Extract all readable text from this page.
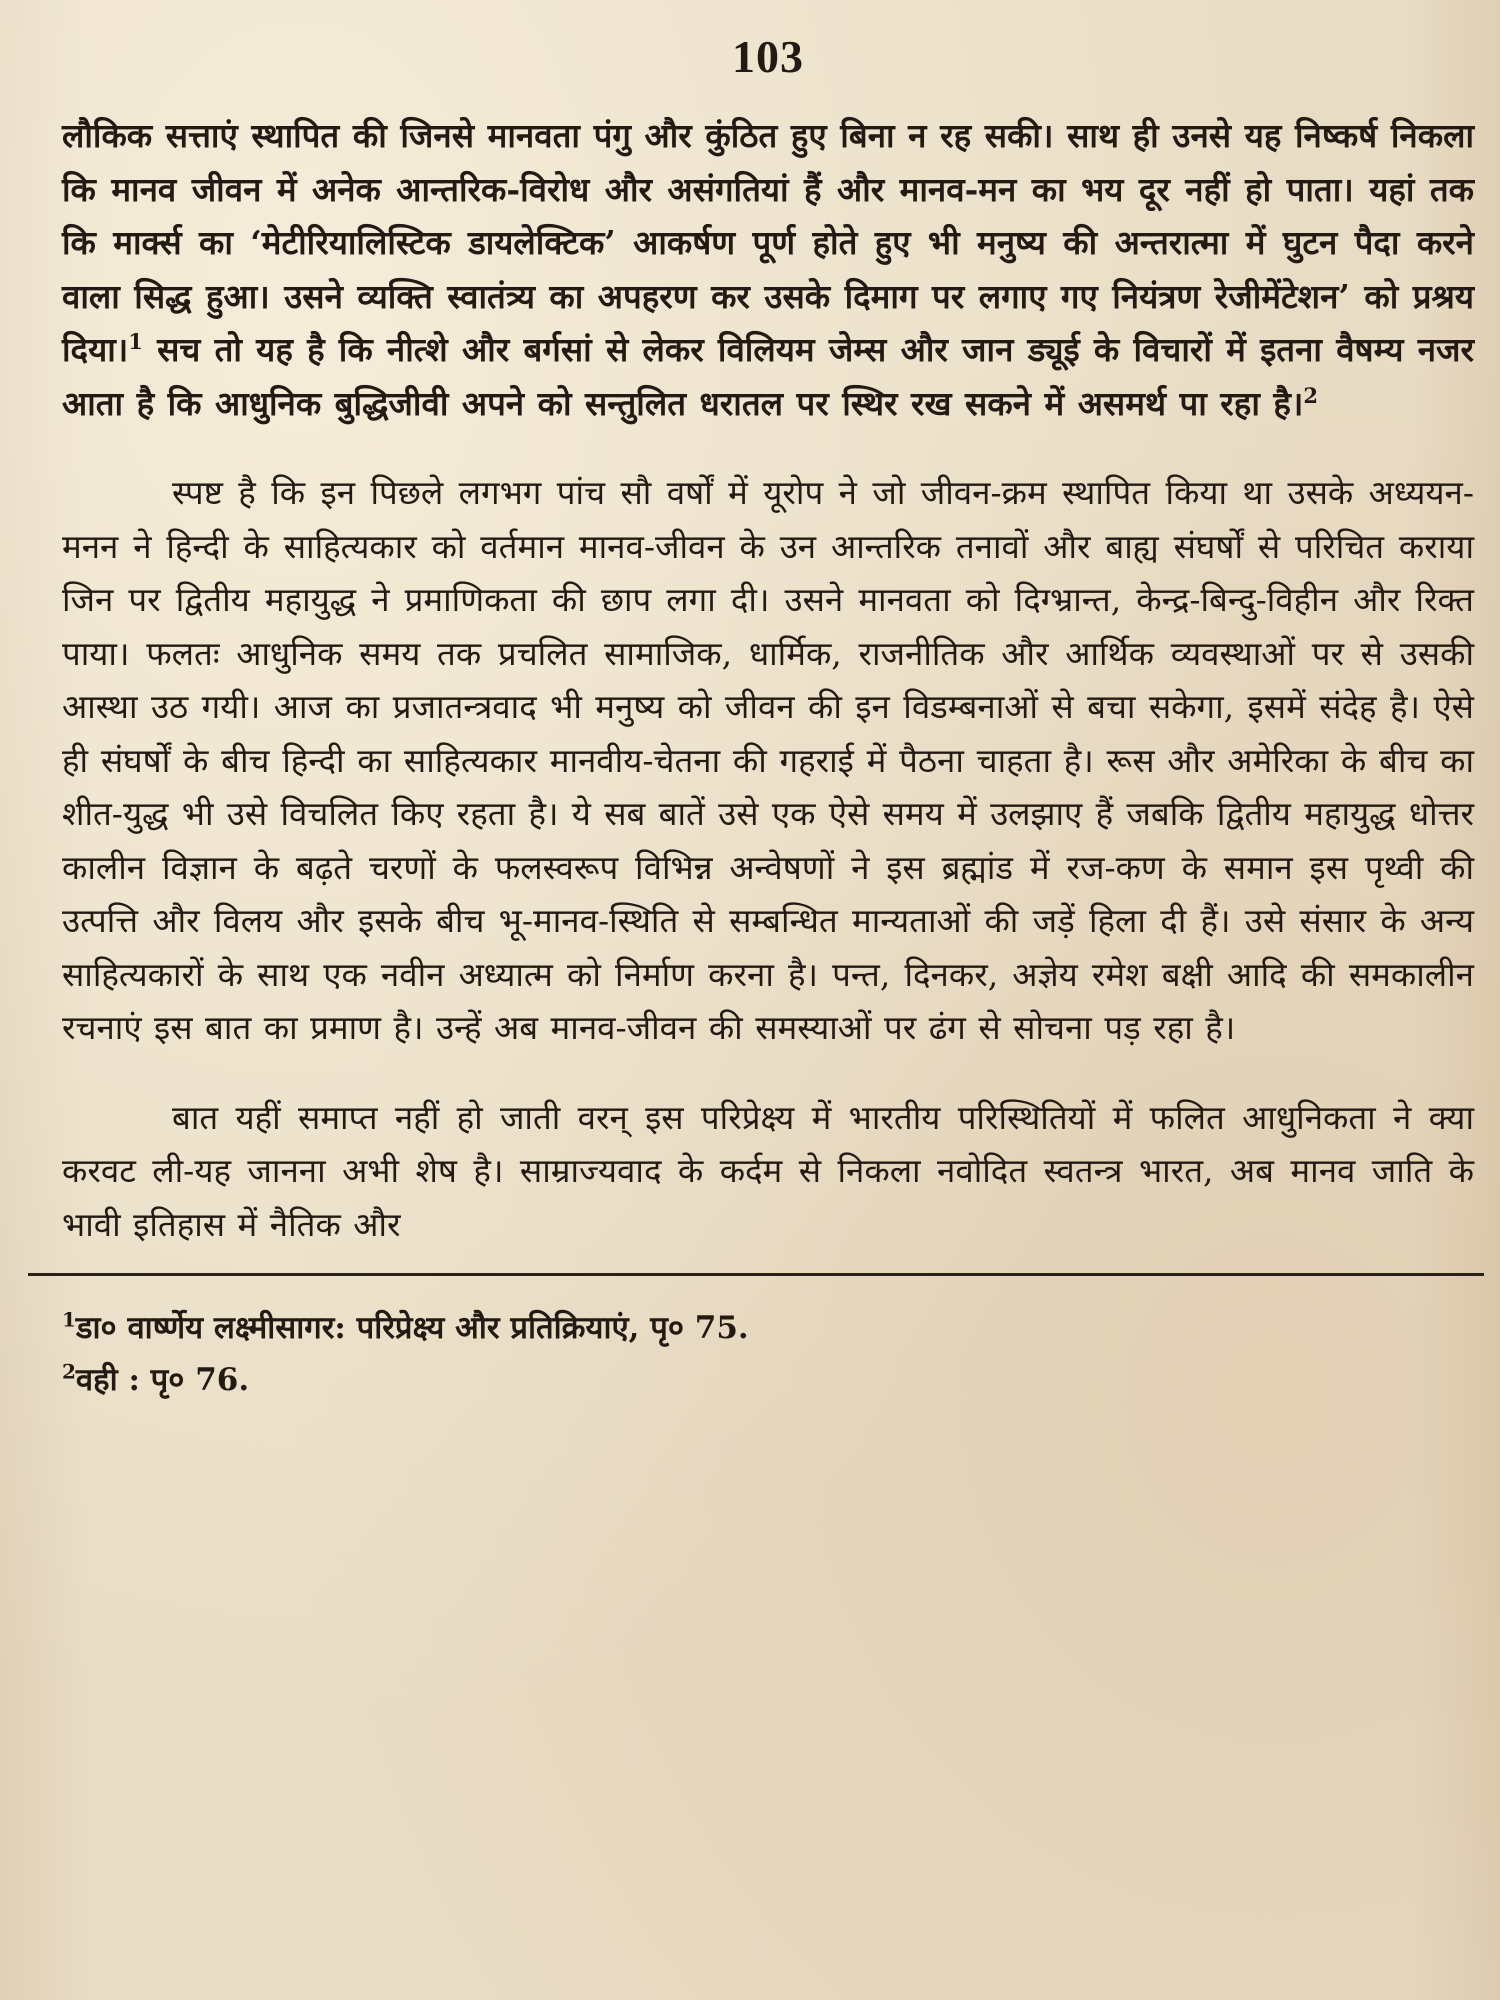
103

लौकिक सत्ताएं स्थापित की जिनसे मानवता पंगु और कुंठित हुए बिना न रह सकी। साथ ही उनसे यह निष्कर्ष निकला कि मानव जीवन में अनेक आन्तरिक-विरोध और असंगतियां हैं और मानव-मन का भय दूर नहीं हो पाता। यहां तक कि मार्क्स का ‘मेटीरियालिस्टिक डायलेक्टिक’ आकर्षण पूर्ण होते हुए भी मनुष्य की अन्तरात्मा में घुटन पैदा करने वाला सिद्ध हुआ। उसने व्यक्ति स्वातंत्र्य का अपहरण कर उसके दिमाग पर लगाए गए नियंत्रण रेजीमेंटेशन’ को प्रश्रय दिया।$^1$ सच तो यह है कि नीत्शे और बर्गसां से लेकर विलियम जेम्स और जान ड्यूई के विचारों में इतना वैषम्य नजर आता है कि आधुनिक बुद्धिजीवी अपने को सन्तुलित धरातल पर स्थिर रख सकने में असमर्थ पा रहा है।$^2$

स्पष्ट है कि इन पिछले लगभग पांच सौ वर्षों में यूरोप ने जो जीवन-क्रम स्थापित किया था उसके अध्ययन-मनन ने हिन्दी के साहित्यकार को वर्तमान मानव-जीवन के उन आन्तरिक तनावों और बाह्य संघर्षों से परिचित कराया जिन पर द्वितीय महायुद्ध ने प्रमाणिकता की छाप लगा दी। उसने मानवता को दिग्भ्रान्त, केन्द्र-बिन्दु-विहीन और रिक्त पाया। फलतः आधुनिक समय तक प्रचलित सामाजिक, धार्मिक, राजनीतिक और आर्थिक व्यवस्थाओं पर से उसकी आस्था उठ गयी। आज का प्रजातन्त्रवाद भी मनुष्य को जीवन की इन विडम्बनाओं से बचा सकेगा, इसमें संदेह है। ऐसे ही संघर्षों के बीच हिन्दी का साहित्यकार मानवीय-चेतना की गहराई में पैठना चाहता है। रूस और अमेरिका के बीच का शीत-युद्ध भी उसे विचलित किए रहता है। ये सब बातें उसे एक ऐसे समय में उलझाए हैं जबकि द्वितीय महायुद्ध धोत्तर कालीन विज्ञान के बढ़ते चरणों के फलस्वरूप विभिन्न अन्वेषणों ने इस ब्रह्मांड में रज-कण के समान इस पृथ्वी की उत्पत्ति और विलय और इसके बीच भू-मानव-स्थिति से सम्बन्धित मान्यताओं की जड़ें हिला दी हैं। उसे संसार के अन्य साहित्यकारों के साथ एक नवीन अध्यात्म को निर्माण करना है। पन्त, दिनकर, अज्ञेय रमेश बक्षी आदि की समकालीन रचनाएं इस बात का प्रमाण है। उन्हें अब मानव-जीवन की समस्याओं पर ढंग से सोचना पड़ रहा है।

बात यहीं समाप्त नहीं हो जाती वरन् इस परिप्रेक्ष्य में भारतीय परिस्थितियों में फलित आधुनिकता ने क्या करवट ली-यह जानना अभी शेष है। साम्राज्यवाद के कर्दम से निकला नवोदित स्वतन्त्र भारत, अब मानव जाति के भावी इतिहास में नैतिक और

$^1$डा० वार्ष्णेय लक्ष्मीसागर: परिप्रेक्ष्य और प्रतिक्रियाएं, पृ० 75.
$^2$वही : पृ० 76.
